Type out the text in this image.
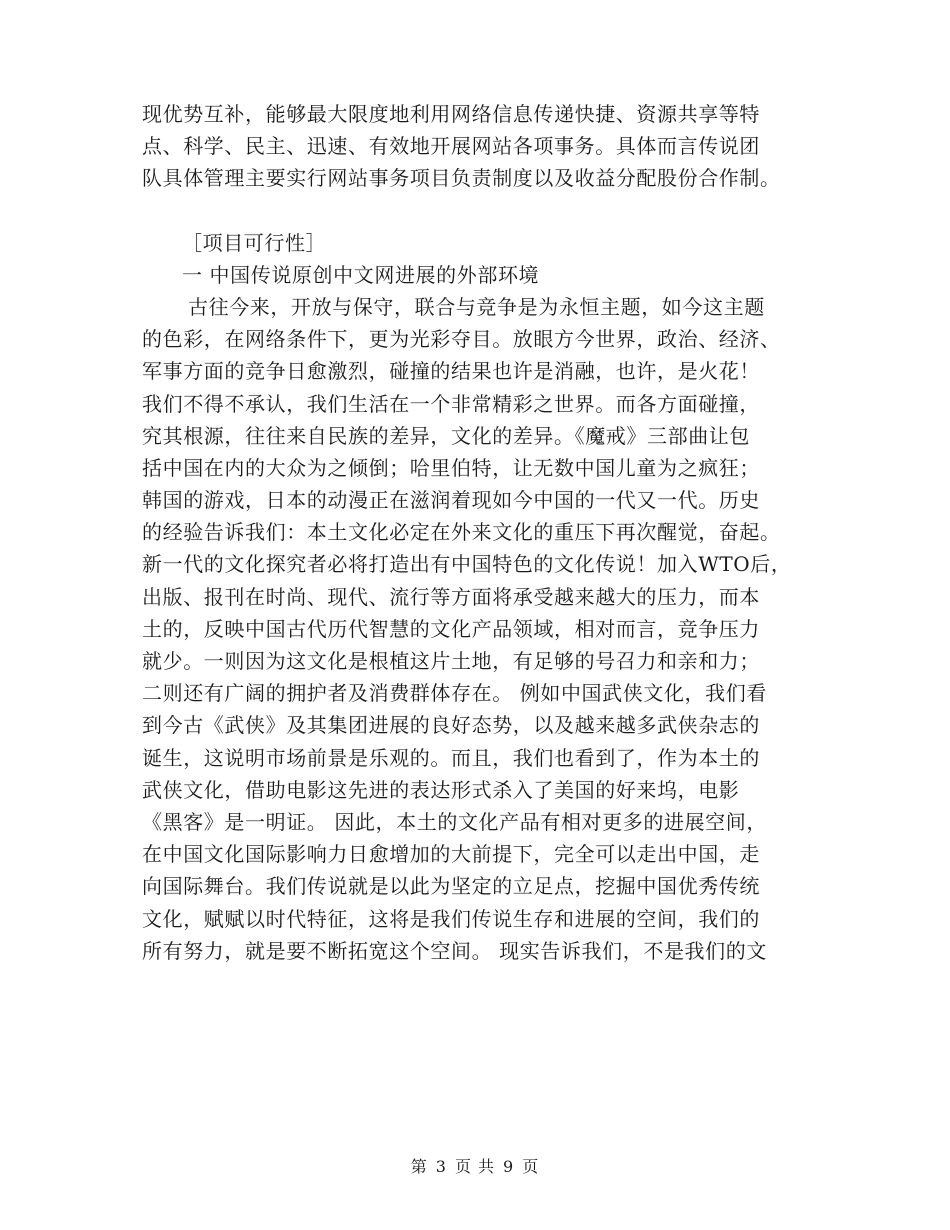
现优势互补，能够最大限度地利用网络信息传递快捷、资源共享等特
点、科学、民主、迅速、有效地开展网站各项事务。具体而言传说团
队具体管理主要实行网站事务项目负责制度以及收益分配股份合作制。
［项目可行性］
一 中国传说原创中文网进展的外部环境
古往今来，开放与保守，联合与竞争是为永恒主题，如今这主题
的色彩，在网络条件下，更为光彩夺目。放眼方今世界，政治、经济、
军事方面的竞争日愈激烈，碰撞的结果也许是消融，也许，是火花！
我们不得不承认，我们生活在一个非常精彩之世界。而各方面碰撞，
究其根源，往往来自民族的差异，文化的差异。《魔戒》三部曲让包
括中国在内的大众为之倾倒；哈里伯特，让无数中国儿童为之疯狂；
韩国的游戏，日本的动漫正在滋润着现如今中国的一代又一代。历史
的经验告诉我们：本土文化必定在外来文化的重压下再次醒觉，奋起。
新一代的文化探究者必将打造出有中国特色的文化传说！加入WTO后，
出版、报刊在时尚、现代、流行等方面将承受越来越大的压力，而本
土的，反映中国古代历代智慧的文化产品领域，相对而言，竞争压力
就少。一则因为这文化是根植这片土地，有足够的号召力和亲和力；
二则还有广阔的拥护者及消费群体存在。 例如中国武侠文化，我们看
到今古《武侠》及其集团进展的良好态势，以及越来越多武侠杂志的
诞生，这说明市场前景是乐观的。而且，我们也看到了，作为本土的
武侠文化，借助电影这先进的表达形式杀入了美国的好来坞，电影
《黑客》是一明证。 因此，本土的文化产品有相对更多的进展空间，
在中国文化国际影响力日愈增加的大前提下，完全可以走出中国，走
向国际舞台。我们传说就是以此为坚定的立足点，挖掘中国优秀传统
文化，赋赋以时代特征，这将是我们传说生存和进展的空间，我们的
所有努力，就是要不断拓宽这个空间。 现实告诉我们，不是我们的文
第 3 页 共 9 页
